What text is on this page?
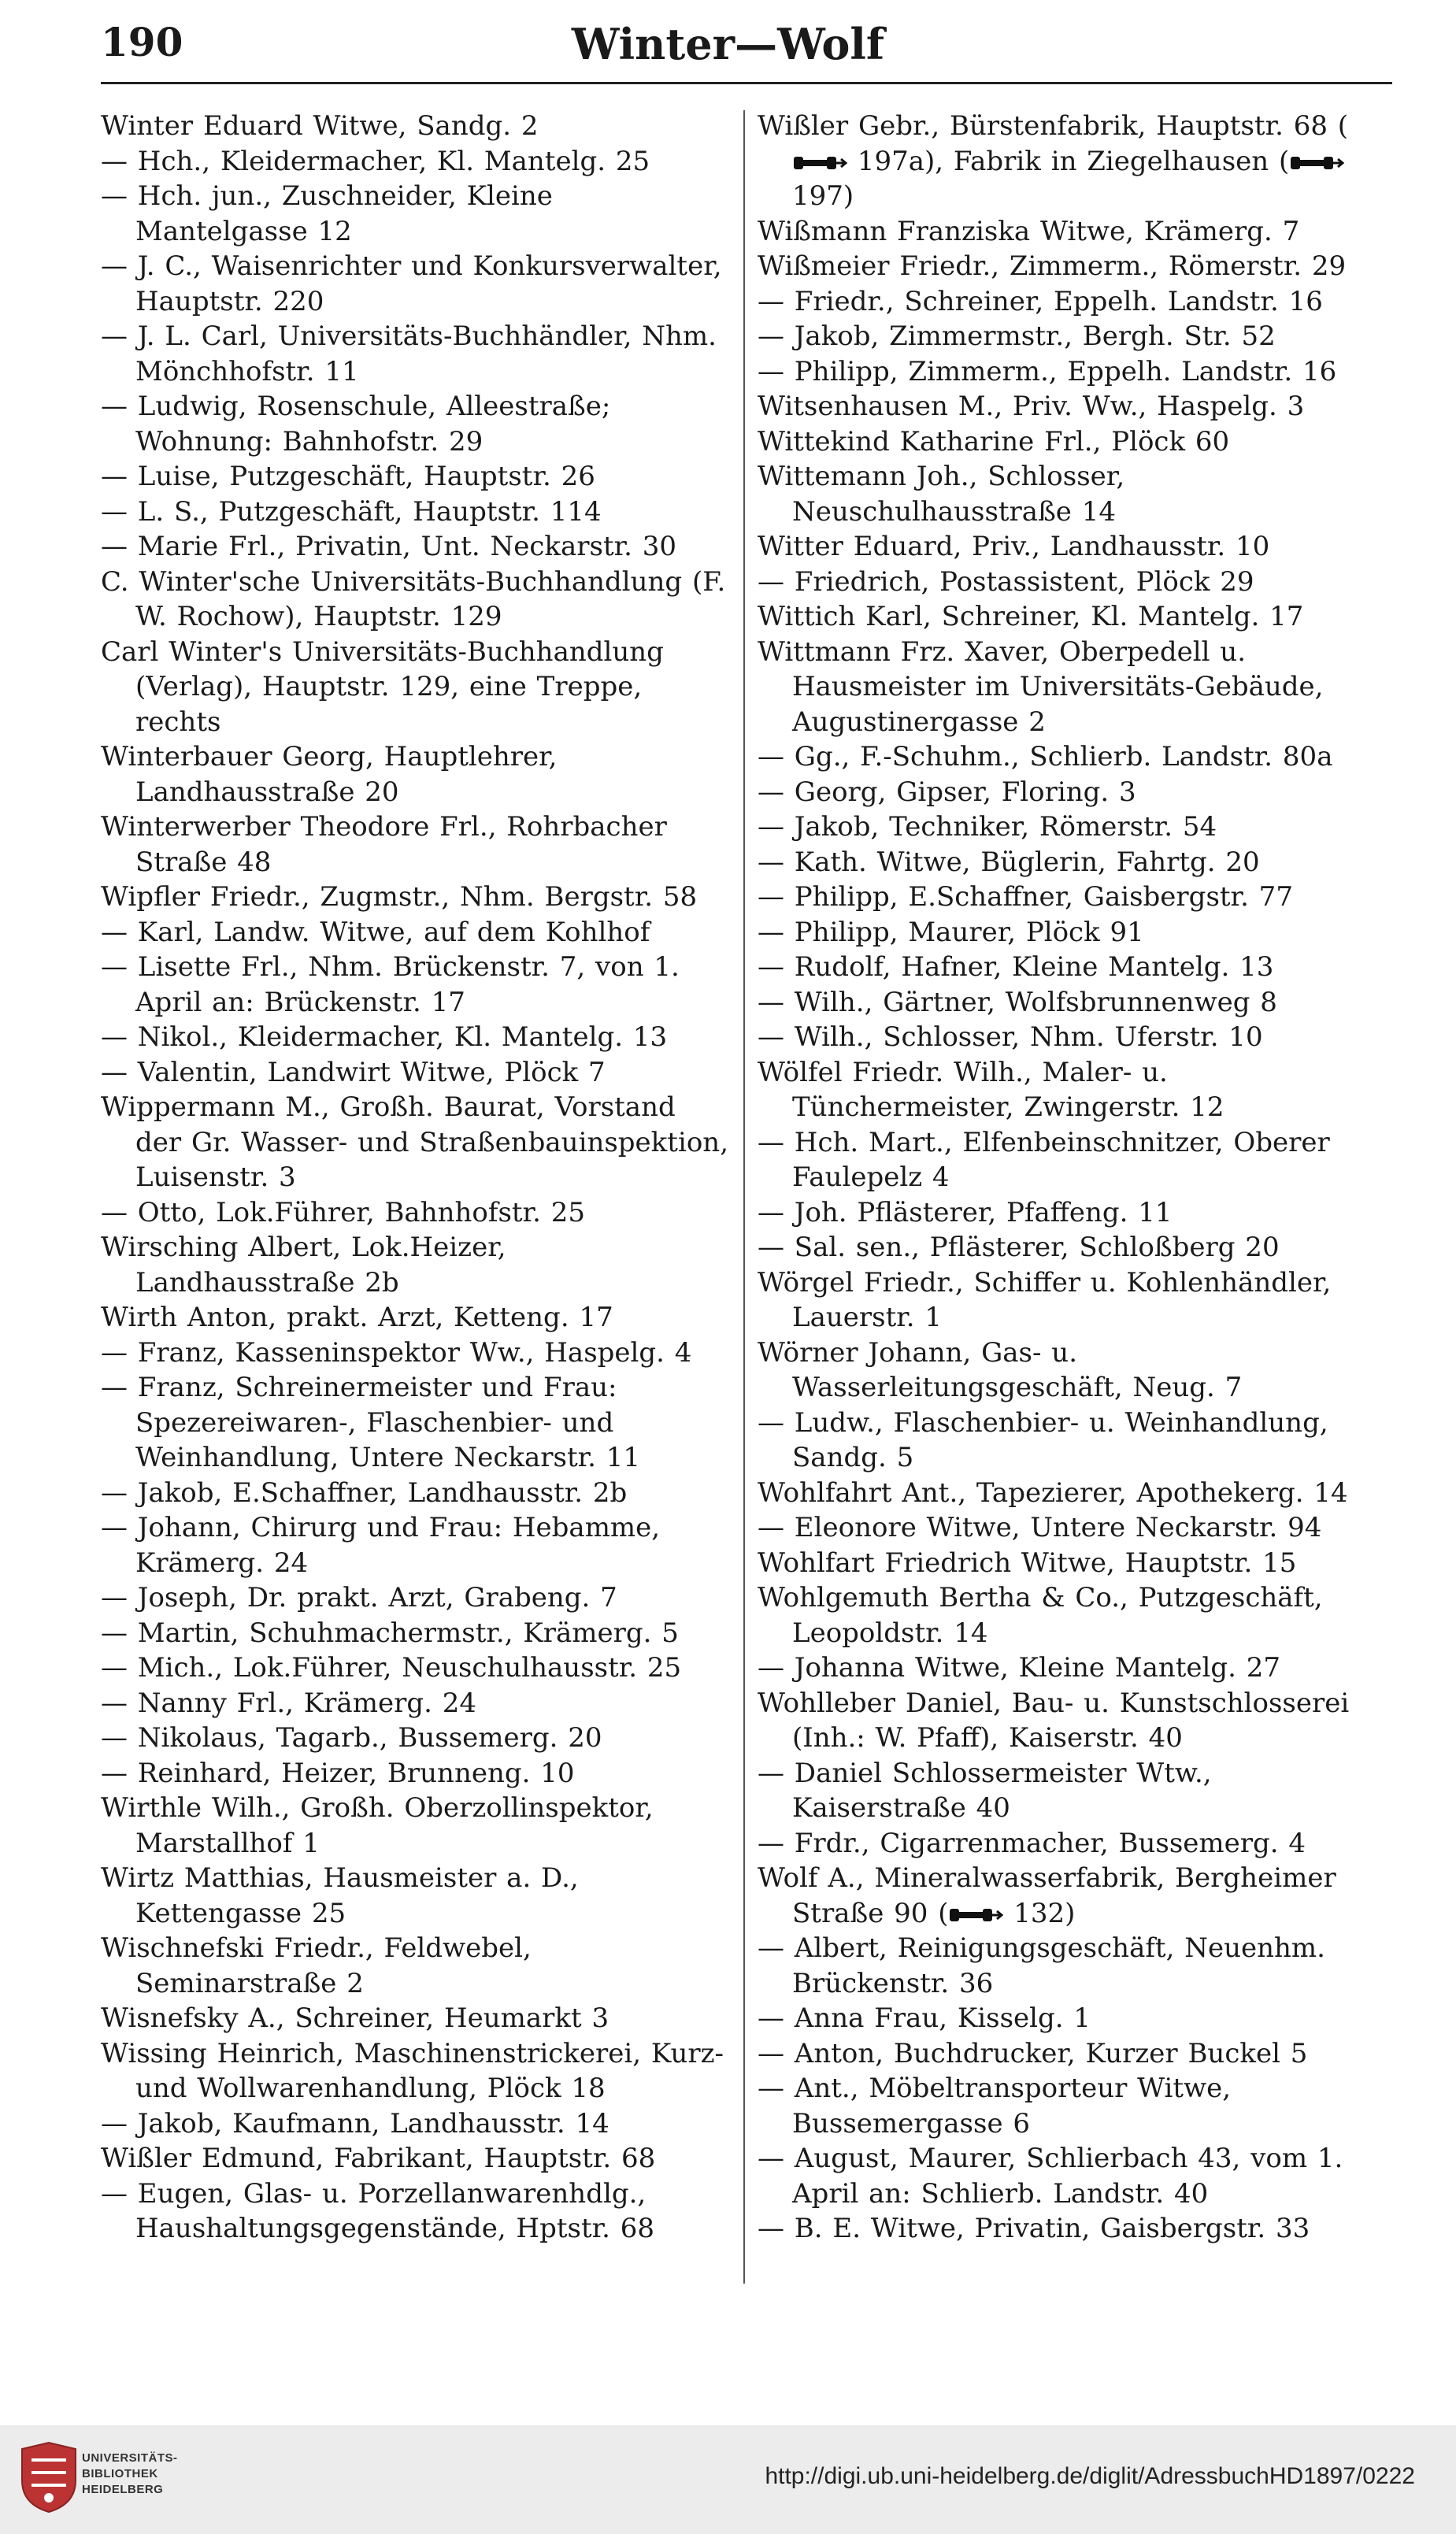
Winter—Wolf
190
Winter Eduard Witwe, Sandg. 2
— Hch., Kleidermacher, Kl. Mantelg. 25
— Hch. jun., Zuschneider, Kleine Mantelgasse 12
— J. C., Waisenrichter und Konkursverwalter, Hauptstr. 220
— J. L. Carl, Universitäts-Buchhändler, Nhm. Mönchhofstr. 11
— Ludwig, Rosenschule, Alleestraße; Wohnung: Bahnhofstr. 29
— Luise, Putzgeschäft, Hauptstr. 26
— L. S., Putzgeschäft, Hauptstr. 114
— Marie Frl., Privatin, Unt. Neckarstr. 30
C. Winter'sche Universitäts-Buchhandlung (F. W. Rochow), Hauptstr. 129
Carl Winter's Universitäts-Buchhandlung (Verlag), Hauptstr. 129, eine Treppe, rechts
Winterbauer Georg, Hauptlehrer, Landhausstraße 20
Winterwerber Theodore Frl., Rohrbacher Straße 48
Wipfler Friedr., Zugmstr., Nhm. Bergstr. 58
— Karl, Landw. Witwe, auf dem Kohlhof
— Lisette Frl., Nhm. Brückenstr. 7, von 1. April an: Brückenstr. 17
— Nikol., Kleidermacher, Kl. Mantelg. 13
— Valentin, Landwirt Witwe, Plöck 7
Wippermann M., Großh. Baurat, Vorstand der Gr. Wasser- und Straßenbauinspektion, Luisenstr. 3
— Otto, Lok.Führer, Bahnhofstr. 25
Wirsching Albert, Lok.Heizer, Landhausstraße 2b
Wirth Anton, prakt. Arzt, Ketteng. 17
— Franz, Kasseninspektor Ww., Haspelg. 4
— Franz, Schreinermeister und Frau: Spezereiwaren-, Flaschenbier- und Weinhandlung, Untere Neckarstr. 11
— Jakob, E.Schaffner, Landhausstr. 2b
— Johann, Chirurg und Frau: Hebamme, Krämerg. 24
— Joseph, Dr. prakt. Arzt, Grabeng. 7
— Martin, Schuhmachermstr., Krämerg. 5
— Mich., Lok.Führer, Neuschulhausstr. 25
— Nanny Frl., Krämerg. 24
— Nikolaus, Tagarb., Bussemerg. 20
— Reinhard, Heizer, Brunneng. 10
Wirthle Wilh., Großh. Oberzollinspektor, Marstallhof 1
Wirtz Matthias, Hausmeister a. D., Kettengasse 25
Wischnefski Friedr., Feldwebel, Seminarstraße 2
Wisnefsky A., Schreiner, Heumarkt 3
Wissing Heinrich, Maschinenstrickerei, Kurz- und Wollwarenhandlung, Plöck 18
— Jakob, Kaufmann, Landhausstr. 14
Wißler Edmund, Fabrikant, Hauptstr. 68
— Eugen, Glas- u. Porzellanwarenhdlg., Haushaltungsgegenstände, Hptstr. 68
Wißler Gebr., Bürstenfabrik, Hauptstr. 68 ( 197a), Fabrik in Ziegelhausen ( 197)
Wißmann Franziska Witwe, Krämerg. 7
Wißmeier Friedr., Zimmerm., Römerstr. 29
— Friedr., Schreiner, Eppelh. Landstr. 16
— Jakob, Zimmermstr., Bergh. Str. 52
— Philipp, Zimmerm., Eppelh. Landstr. 16
Witsenhausen M., Priv. Ww., Haspelg. 3
Wittekind Katharine Frl., Plöck 60
Wittemann Joh., Schlosser, Neuschulhausstraße 14
Witter Eduard, Priv., Landhausstr. 10
— Friedrich, Postassistent, Plöck 29
Wittich Karl, Schreiner, Kl. Mantelg. 17
Wittmann Frz. Xaver, Oberpedell u. Hausmeister im Universitäts-Gebäude, Augustinergasse 2
— Gg., F.-Schuhm., Schlierb. Landstr. 80a
— Georg, Gipser, Floring. 3
— Jakob, Techniker, Römerstr. 54
— Kath. Witwe, Büglerin, Fahrtg. 20
— Philipp, E.Schaffner, Gaisbergstr. 77
— Philipp, Maurer, Plöck 91
— Rudolf, Hafner, Kleine Mantelg. 13
— Wilh., Gärtner, Wolfsbrunnenweg 8
— Wilh., Schlosser, Nhm. Uferstr. 10
Wölfel Friedr. Wilh., Maler- u. Tünchermeister, Zwingerstr. 12
— Hch. Mart., Elfenbeinschnitzer, Oberer Faulepelz 4
— Joh. Pflästerer, Pfaffeng. 11
— Sal. sen., Pflästerer, Schloßberg 20
Wörgel Friedr., Schiffer u. Kohlenhändler, Lauerstr. 1
Wörner Johann, Gas- u. Wasserleitungsgeschäft, Neug. 7
— Ludw., Flaschenbier- u. Weinhandlung, Sandg. 5
Wohlfahrt Ant., Tapezierer, Apothekerg. 14
— Eleonore Witwe, Untere Neckarstr. 94
Wohlfart Friedrich Witwe, Hauptstr. 15
Wohlgemuth Bertha & Co., Putzgeschäft, Leopoldstr. 14
— Johanna Witwe, Kleine Mantelg. 27
Wohlleber Daniel, Bau- u. Kunstschlosserei (Inh.: W. Pfaff), Kaiserstr. 40
— Daniel Schlossermeister Wtw., Kaiserstraße 40
— Frdr., Cigarrenmacher, Bussemerg. 4
Wolf A., Mineralwasserfabrik, Bergheimer Straße 90 ( 132)
— Albert, Reinigungsgeschäft, Neuenhm. Brückenstr. 36
— Anna Frau, Kisselg. 1
— Anton, Buchdrucker, Kurzer Buckel 5
— Ant., Möbeltransporteur Witwe, Bussemergasse 6
— August, Maurer, Schlierbach 43, vom 1. April an: Schlierb. Landstr. 40
— B. E. Witwe, Privatin, Gaisbergstr. 33
UNIVERSITÄTS-
BIBLIOTHEK
HEIDELBERG
http://digi.ub.uni-heidelberg.de/diglit/AdressbuchHD1897/0222
